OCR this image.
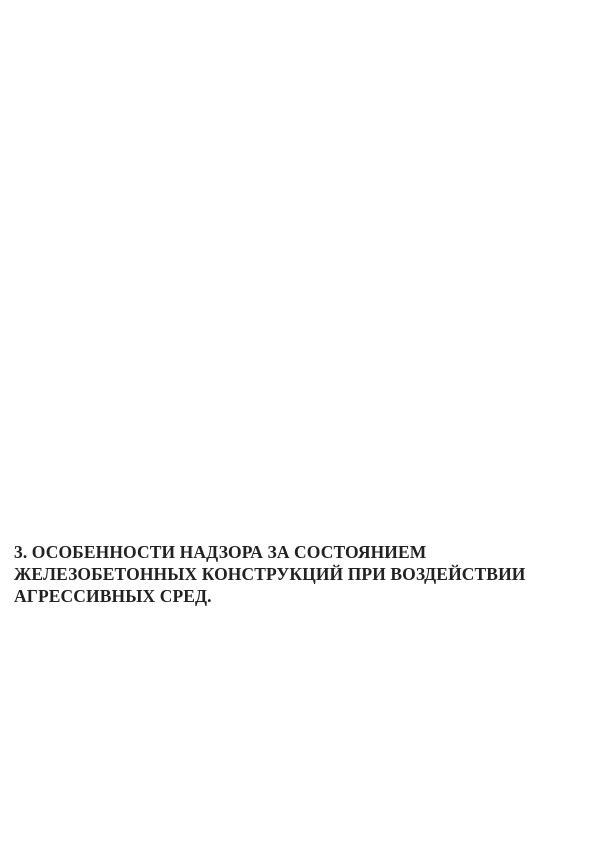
3. ОСОБЕННОСТИ НАДЗОРА ЗА СОСТОЯНИЕМ
ЖЕЛЕЗОБЕТОННЫХ КОНСТРУКЦИЙ ПРИ ВОЗДЕЙСТВИИ
АГРЕССИВНЫХ СРЕД.
